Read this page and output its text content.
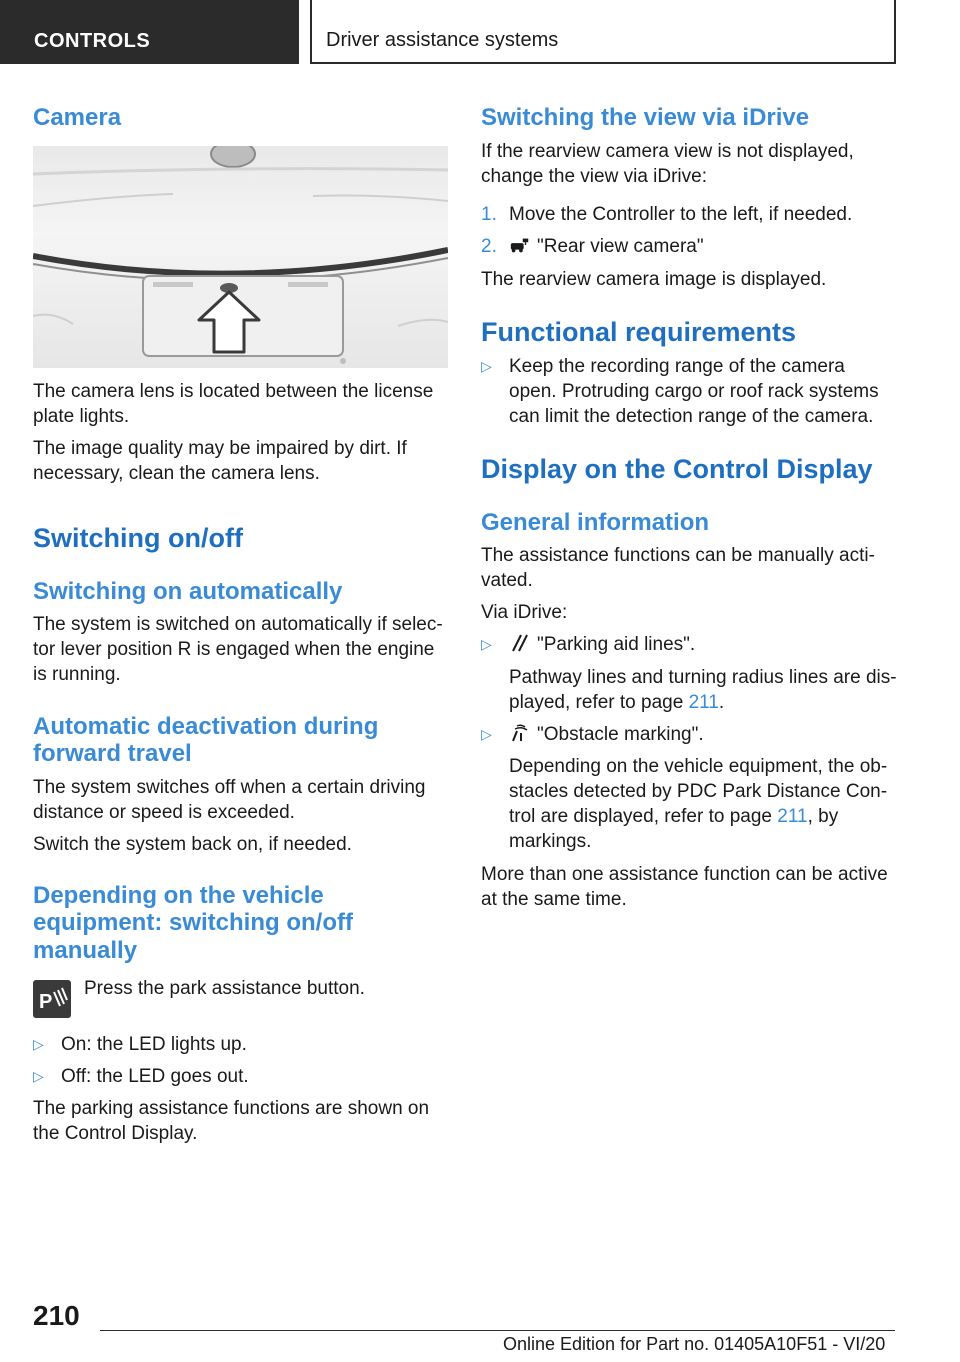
CONTROLS	Driver assistance systems
Camera

The camera lens is located between the license plate lights.

The image quality may be impaired by dirt. If necessary, clean the camera lens.

Switching on/off
Switching on automatically

The system is switched on automatically if selec-tor lever position R is engaged when the engine is running.

Automatic deactivation during
forward travel

The system switches off when a certain driving distance or speed is exceeded.

Switch the system back on, if needed.

Depending on the vehicle
equipment: switching on/off
manually
P

Press the park assistance button.

▷ On: the LED lights up.
▷ Off: the LED goes out.

The parking assistance functions are shown on the Control Display.

Switching the view via iDrive

If the rearview camera view is not displayed, change the view via iDrive:

1. Move the Controller to the left, if needed.
2.	"Rear view camera"

The rearview camera image is displayed.

Functional requirements
▷ Keep the recording range of the camera open. Protruding cargo or roof rack systems can limit the detection range of the camera.
Display on the Control Display
General information

The assistance functions can be manually acti-vated.

Via iDrive:

▷	"Parking aid lines".

Pathway lines and turning radius lines are dis-played, refer to page 211.

▷	"Obstacle marking".

Depending on the vehicle equipment, the ob-stacles detected by PDC Park Distance Con-trol are displayed, refer to page 211, by markings.

More than one assistance function can be active at the same time.

210
Online Edition for Part no. 01405A10F51 - VI/20
